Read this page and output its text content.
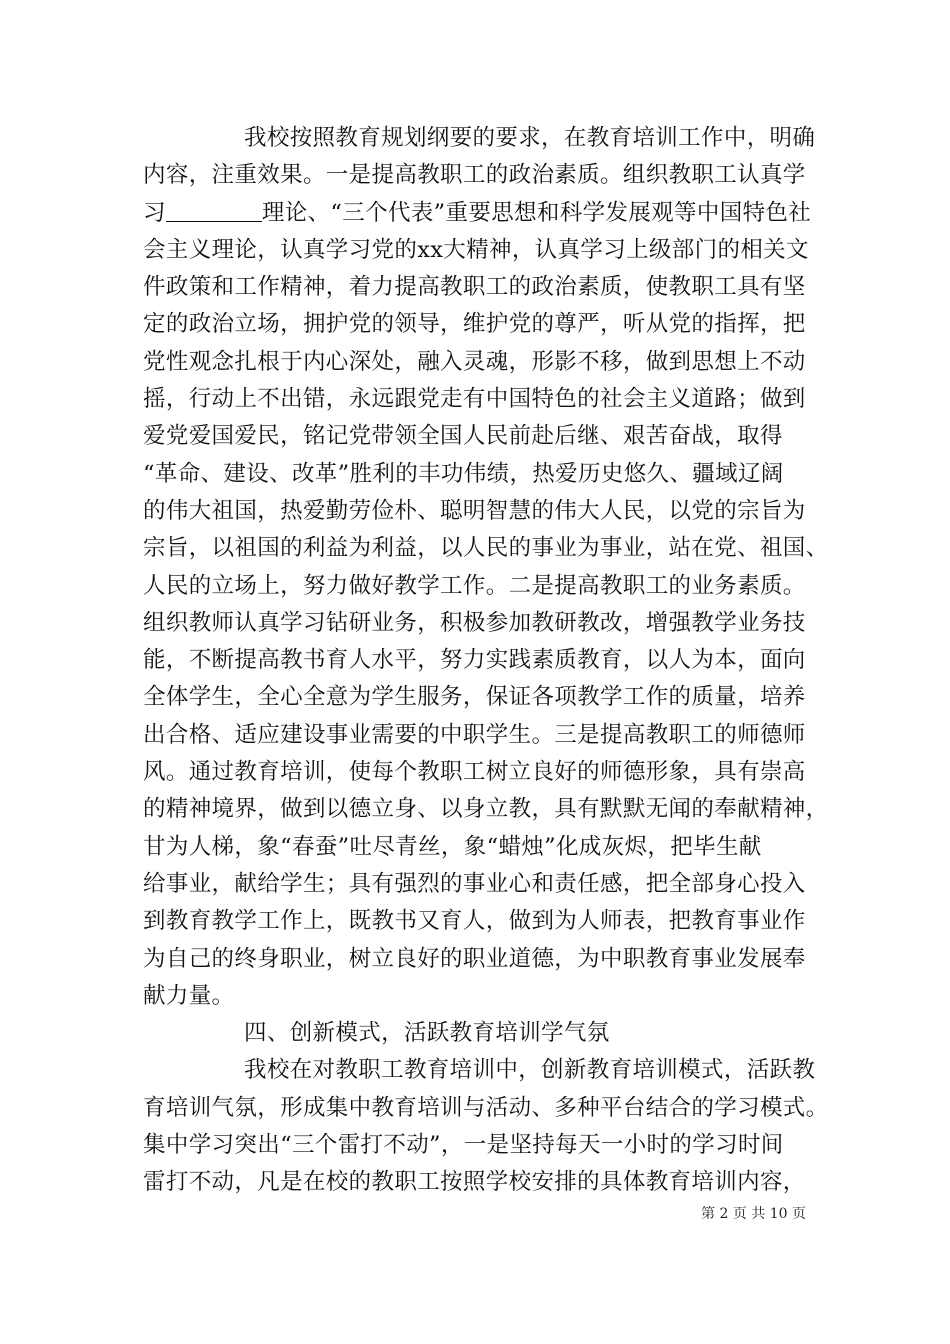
我校按照教育规划纲要的要求，在教育培训工作中，明确
内容，注重效果。一是提高教职工的政治素质。组织教职工认真学
习	理论、“三个代表”重要思想和科学发展观等中国特色社
会主义理论，认真学习党的xx大精神，认真学习上级部门的相关文
件政策和工作精神，着力提高教职工的政治素质，使教职工具有坚
定的政治立场，拥护党的领导，维护党的尊严，听从党的指挥，把
党性观念扎根于内心深处，融入灵魂，形影不移，做到思想上不动
摇，行动上不出错，永远跟党走有中国特色的社会主义道路；做到
爱党爱国爱民，铭记党带领全国人民前赴后继、艰苦奋战，取得
“革命、建设、改革”胜利的丰功伟绩，热爱历史悠久、疆域辽阔
的伟大祖国，热爱勤劳俭朴、聪明智慧的伟大人民，以党的宗旨为
宗旨，以祖国的利益为利益，以人民的事业为事业，站在党、祖国、
人民的立场上，努力做好教学工作。二是提高教职工的业务素质。
组织教师认真学习钻研业务，积极参加教研教改，增强教学业务技
能，不断提高教书育人水平，努力实践素质教育，以人为本，面向
全体学生，全心全意为学生服务，保证各项教学工作的质量，培养
出合格、适应建设事业需要的中职学生。三是提高教职工的师德师
风。通过教育培训，使每个教职工树立良好的师德形象，具有崇高
的精神境界，做到以德立身、以身立教，具有默默无闻的奉献精神，
甘为人梯，象“春蚕”吐尽青丝，象“蜡烛”化成灰烬，把毕生献
给事业，献给学生；具有强烈的事业心和责任感，把全部身心投入
到教育教学工作上，既教书又育人，做到为人师表，把教育事业作
为自己的终身职业，树立良好的职业道德，为中职教育事业发展奉
献力量。
四、创新模式，活跃教育培训学气氛
我校在对教职工教育培训中，创新教育培训模式，活跃教
育培训气氛，形成集中教育培训与活动、多种平台结合的学习模式。
集中学习突出“三个雷打不动”，一是坚持每天一小时的学习时间
雷打不动，凡是在校的教职工按照学校安排的具体教育培训内容，
第 2 页 共 10 页
